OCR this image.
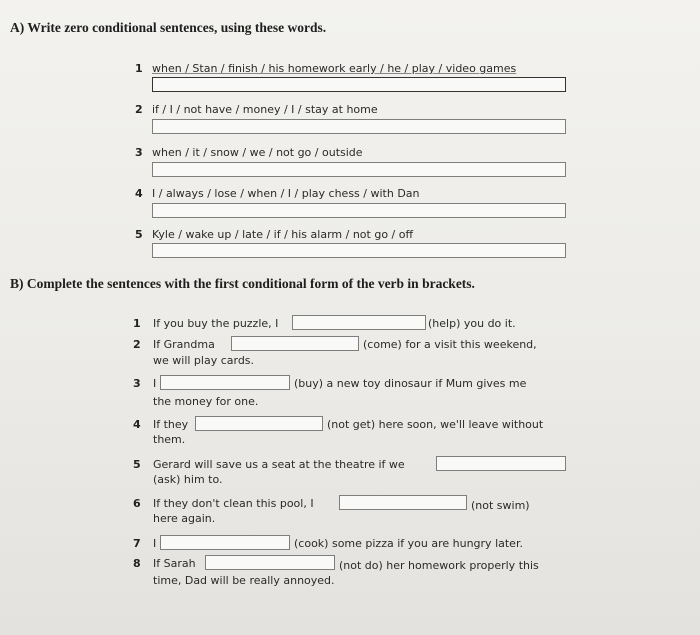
A) Write zero conditional sentences, using these words.
1 when / Stan / finish / his homework early / he / play / video games
2 if / I / not have / money / I / stay at home
3 when / it / snow / we / not go / outside
4 I / always / lose / when / I / play chess / with Dan
5 Kyle / wake up / late / if / his alarm / not go / off
B) Complete the sentences with the first conditional form of the verb in brackets.
1 If you buy the puzzle, I	(help) you do it.
2 If Grandma	(come) for a visit this weekend,
we will play cards.
3 I	(buy) a new toy dinosaur if Mum gives me
the money for one.
4 If they	(not get) here soon, we'll leave without
them.
5 Gerard will save us a seat at the theatre if we
(ask) him to.
6 If they don't clean this pool, I	(not swim)
here again.
7 I	(cook) some pizza if you are hungry later.
8 If Sarah	(not do) her homework properly this
time, Dad will be really annoyed.
